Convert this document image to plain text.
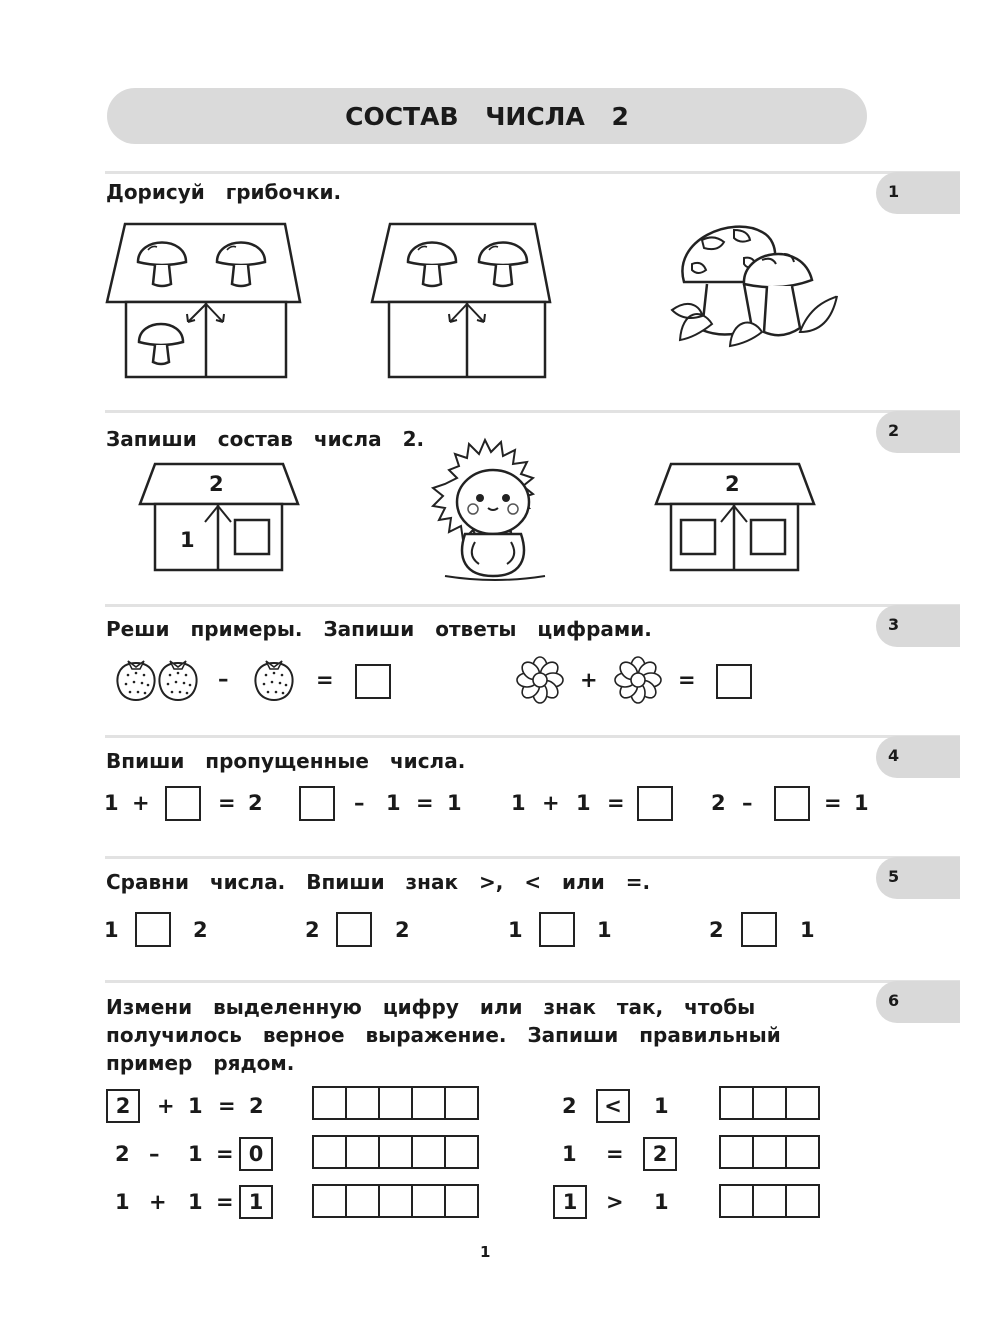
СОСТАВ ЧИСЛА 2
1
Дорисуй грибочки.
2
Запиши состав числа 2.
2
1
2
3
Реши примеры. Запиши ответы цифрами.
–	=	+	=
4
Впиши пропущенные числа.
1 +	= 2	– 1 = 1 1 + 1 =	2 –	= 1
5
Сравни числа. Впиши знак >, < или =.
1	2	2	2	1	1	2	1
6
Измени выделенную цифру или знак так, чтобы
получилось верное выражение. Запиши правильный
пример рядом.
2	+ 1 = 2
2 – 1 = 0
1 + 1 = 1
2	<	1
1 =	2
1	> 1
1
